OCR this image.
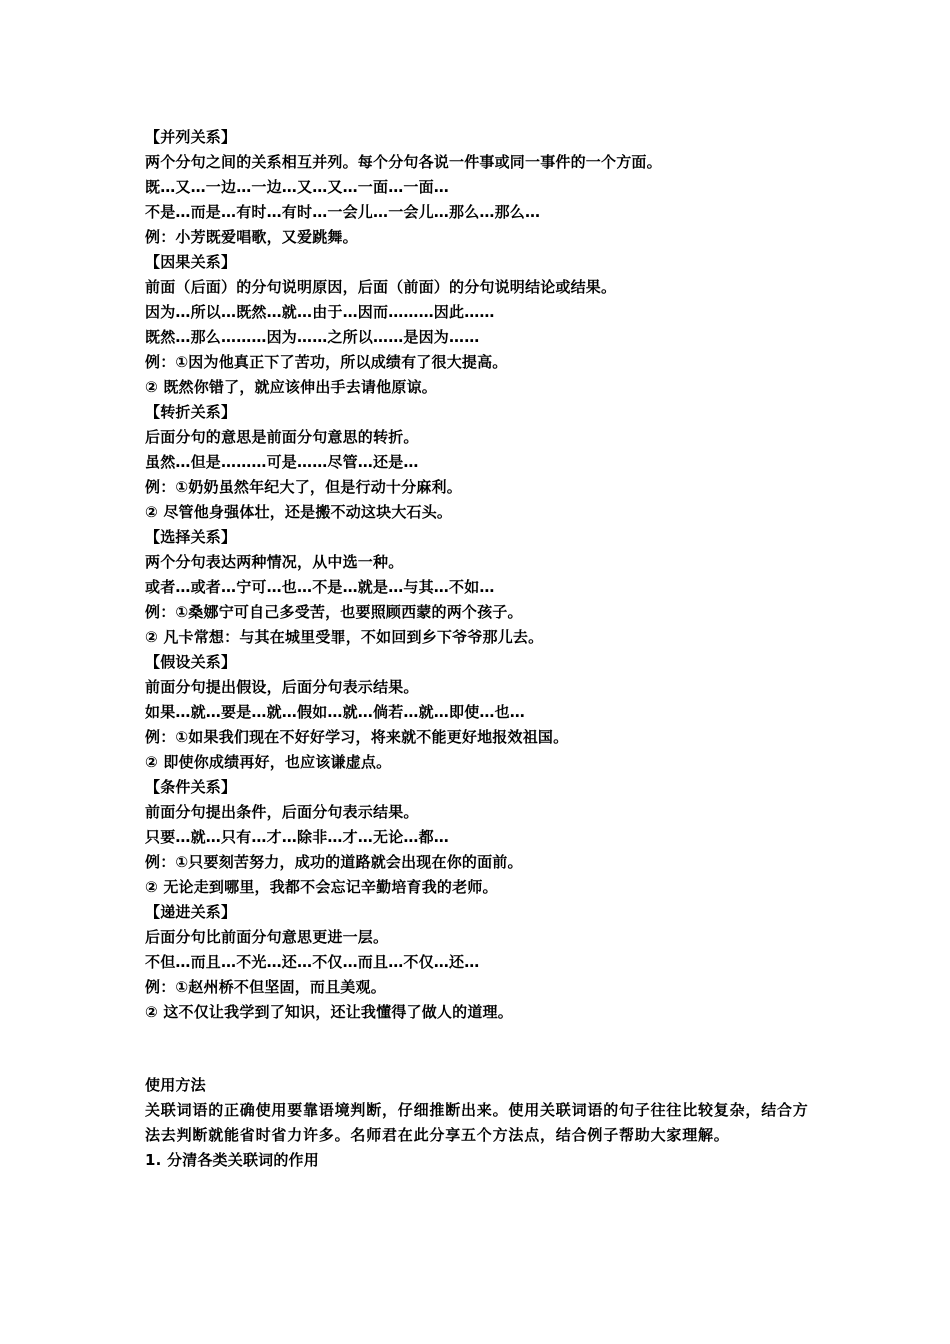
【并列关系】
两个分句之间的关系相互并列。每个分句各说一件事或同一事件的一个方面。
既…又…一边…一边…又…又…一面…一面…
不是…而是…有时…有时…一会儿…一会儿…那么…那么…
例：小芳既爱唱歌，又爱跳舞。
【因果关系】
前面（后面）的分句说明原因，后面（前面）的分句说明结论或结果。
因为…所以…既然…就…由于…因而………因此……
既然…那么………因为……之所以……是因为……
例：①因为他真正下了苦功，所以成绩有了很大提高。
② 既然你错了，就应该伸出手去请他原谅。
【转折关系】
后面分句的意思是前面分句意思的转折。
虽然…但是………可是……尽管…还是…
例：①奶奶虽然年纪大了，但是行动十分麻利。
② 尽管他身强体壮，还是搬不动这块大石头。
【选择关系】
两个分句表达两种情况，从中选一种。
或者…或者…宁可…也…不是…就是…与其…不如…
例：①桑娜宁可自己多受苦，也要照顾西蒙的两个孩子。
② 凡卡常想：与其在城里受罪，不如回到乡下爷爷那儿去。
【假设关系】
前面分句提出假设，后面分句表示结果。
如果…就…要是…就…假如…就…倘若…就…即使…也…
例：①如果我们现在不好好学习，将来就不能更好地报效祖国。
② 即使你成绩再好，也应该谦虚点。
【条件关系】
前面分句提出条件，后面分句表示结果。
只要…就…只有…才…除非…才…无论…都…
例：①只要刻苦努力，成功的道路就会出现在你的面前。
② 无论走到哪里，我都不会忘记辛勤培育我的老师。
【递进关系】
后面分句比前面分句意思更进一层。
不但…而且…不光…还…不仅…而且…不仅…还…
例：①赵州桥不但坚固，而且美观。
② 这不仅让我学到了知识，还让我懂得了做人的道理。
使用方法
关联词语的正确使用要靠语境判断，仔细推断出来。使用关联词语的句子往往比较复杂，结合方法去判断就能省时省力许多。名师君在此分享五个方法点，结合例子帮助大家理解。
1. 分清各类关联词的作用
